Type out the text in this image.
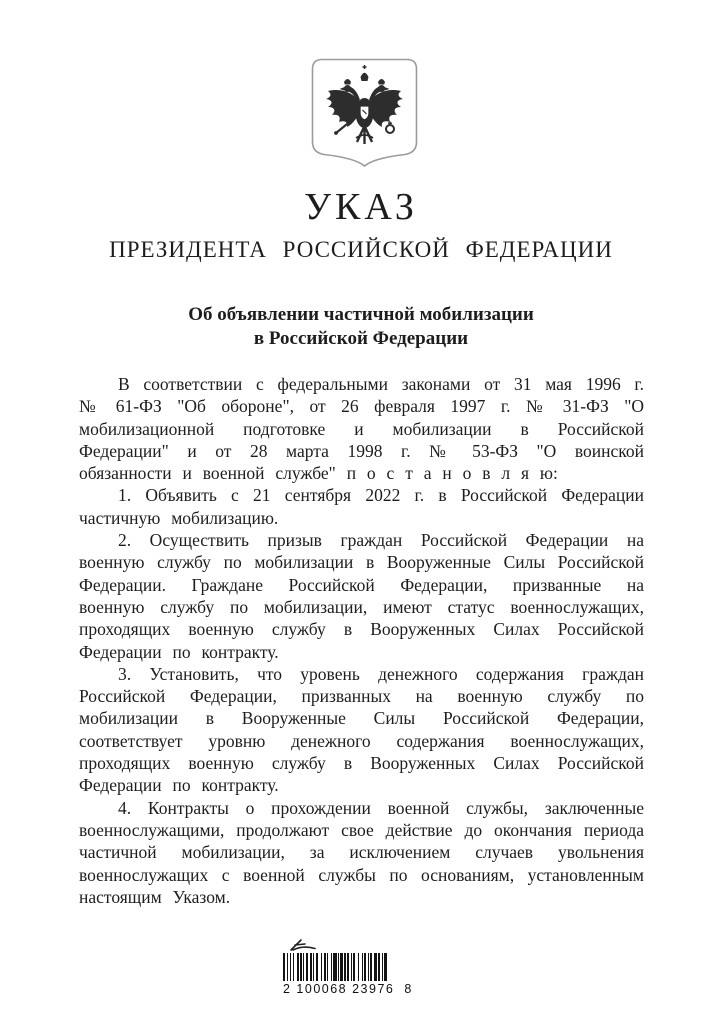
УКАЗ
ПРЕЗИДЕНТА РОССИЙСКОЙ ФЕДЕРАЦИИ
Об объявлении частичной мобилизации
в Российской Федерации

В соответствии с федеральными законами от 31 мая 1996 г. № 61-ФЗ "Об обороне", от 26 февраля 1997 г. № 31-ФЗ "О мобилизационной подготовке и мобилизации в Российской Федерации" и от 28 марта 1998 г. № 53-ФЗ "О воинской обязанности и военной службе" п о с т а н о в л я ю:

1. Объявить с 21 сентября 2022 г. в Российской Федерации частичную мобилизацию.

2. Осуществить призыв граждан Российской Федерации на военную службу по мобилизации в Вооруженные Силы Российской Федерации. Граждане Российской Федерации, призванные на военную службу по мобилизации, имеют статус военнослужащих, проходящих военную службу в Вооруженных Силах Российской Федерации по контракту.

3. Установить, что уровень денежного содержания граждан Российской Федерации, призванных на военную службу по мобилизации в Вооруженные Силы Российской Федерации, соответствует уровню денежного содержания военнослужащих, проходящих военную службу в Вооруженных Силах Российской Федерации по контракту.

4. Контракты о прохождении военной службы, заключенные военнослужащими, продолжают свое действие до окончания периода частичной мобилизации, за исключением случаев увольнения военнослужащих с военной службы по основаниям, установленным настоящим Указом.

2 100068 23976  8
